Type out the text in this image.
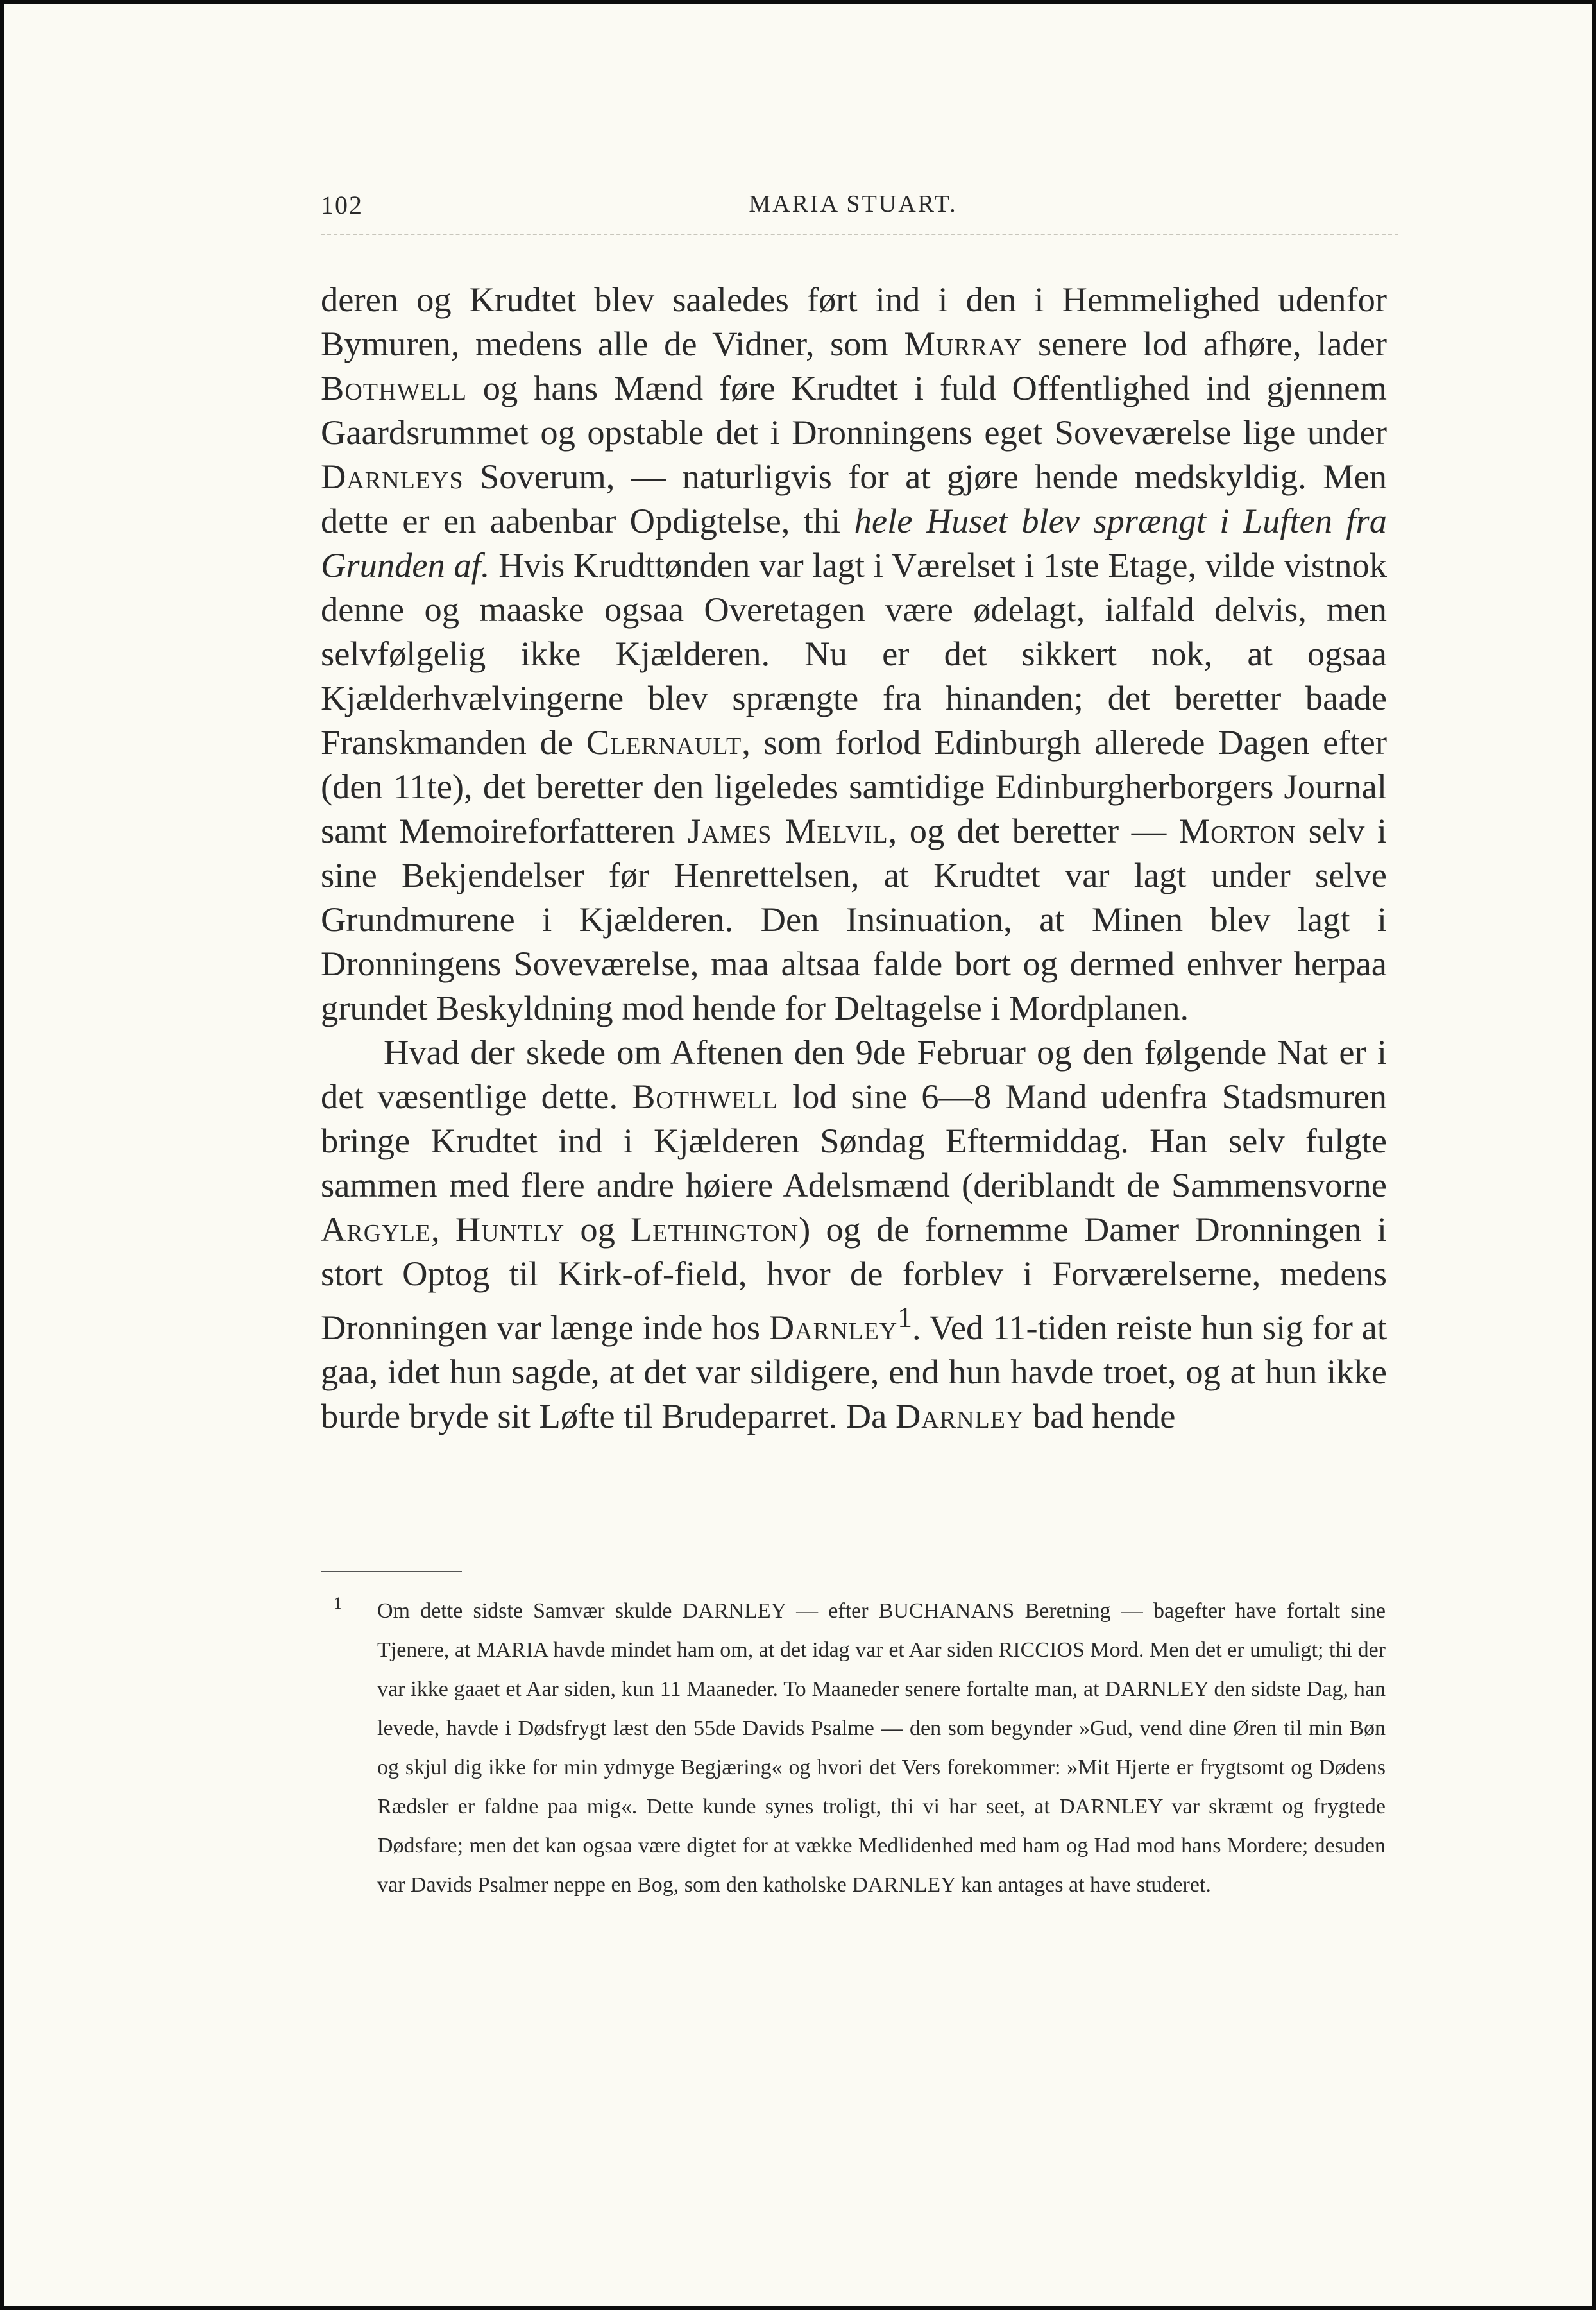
102	MARIA STUART.

deren og Krudtet blev saaledes ført ind i den i Hemmelighed udenfor Bymuren, medens alle de Vidner, som Murray senere lod afhøre, lader Bothwell og hans Mænd føre Krudtet i fuld Offentlighed ind gjennem Gaardsrummet og opstable det i Dronningens eget Soveværelse lige under Darnleys Soverum, — naturligvis for at gjøre hende medskyldig. Men dette er en aabenbar Opdigtelse, thi hele Huset blev sprængt i Luften fra Grunden af. Hvis Krudttønden var lagt i Værelset i 1ste Etage, vilde vistnok denne og maaske ogsaa Overetagen være ødelagt, ialfald delvis, men selvfølgelig ikke Kjælderen. Nu er det sikkert nok, at ogsaa Kjælderhvælvingerne blev sprængte fra hinanden; det beretter baade Franskmanden de Clernault, som forlod Edinburgh allerede Dagen efter (den 11te), det beretter den ligeledes samtidige Edinburgherborgers Journal samt Memoireforfatteren James Melvil, og det beretter — Morton selv i sine Bekjendelser før Henrettelsen, at Krudtet var lagt under selve Grundmurene i Kjælderen. Den Insinuation, at Minen blev lagt i Dronningens Soveværelse, maa altsaa falde bort og dermed enhver herpaa grundet Beskyldning mod hende for Deltagelse i Mordplanen.

Hvad der skede om Aftenen den 9de Februar og den følgende Nat er i det væsentlige dette. Bothwell lod sine 6—8 Mand udenfra Stadsmuren bringe Krudtet ind i Kjælderen Søndag Eftermiddag. Han selv fulgte sammen med flere andre høiere Adelsmænd (deriblandt de Sammensvorne Argyle, Huntly og Lethington) og de fornemme Damer Dronningen i stort Optog til Kirk-of-field, hvor de forblev i Forværelserne, medens Dronningen var længe inde hos Darnley$^1$. Ved 11-tiden reiste hun sig for at gaa, idet hun sagde, at det var sildigere, end hun havde troet, og at hun ikke burde bryde sit Løfte til Brudeparret. Da Darnley bad hende

1 Om dette sidste Samvær skulde DARNLEY — efter BUCHANANS Beretning — bagefter have fortalt sine Tjenere, at MARIA havde mindet ham om, at det idag var et Aar siden RICCIOS Mord. Men det er umuligt; thi der var ikke gaaet et Aar siden, kun 11 Maaneder. To Maaneder senere fortalte man, at DARNLEY den sidste Dag, han levede, havde i Dødsfrygt læst den 55de Davids Psalme — den som begynder »Gud, vend dine Øren til min Bøn og skjul dig ikke for min ydmyge Begjæring« og hvori det Vers forekommer: »Mit Hjerte er frygtsomt og Dødens Rædsler er faldne paa mig«. Dette kunde synes troligt, thi vi har seet, at DARNLEY var skræmt og frygtede Dødsfare; men det kan ogsaa være digtet for at vække Medlidenhed med ham og Had mod hans Mordere; desuden var Davids Psalmer neppe en Bog, som den katholske DARNLEY kan antages at have studeret.
